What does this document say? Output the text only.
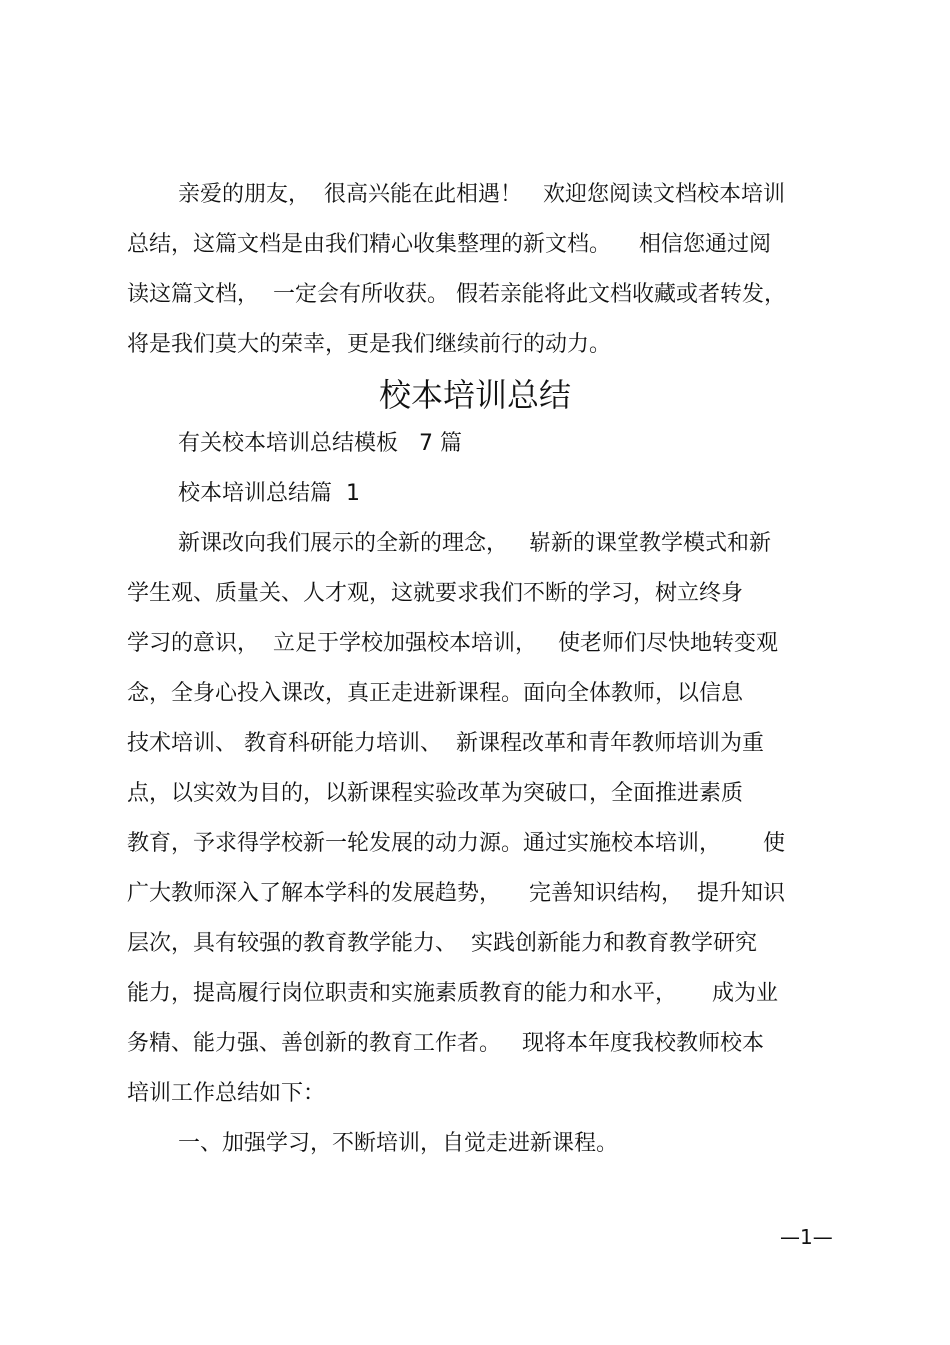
亲爱的朋友，  很高兴能在此相遇！   欢迎您阅读文档校本培训
总结，这篇文档是由我们精心收集整理的新文档。    相信您通过阅
读这篇文档，  一定会有所收获。 假若亲能将此文档收藏或者转发，
将是我们莫大的荣幸，更是我们继续前行的动力。
校本培训总结
有关校本培训总结模板   7 篇
校本培训总结篇  1
新课改向我们展示的全新的理念，   崭新的课堂教学模式和新
学生观、质量关、人才观，这就要求我们不断的学习，树立终身
学习的意识，  立足于学校加强校本培训，   使老师们尽快地转变观
念，全身心投入课改，真正走进新课程。面向全体教师，以信息
技术培训、 教育科研能力培训、  新课程改革和青年教师培训为重
点，以实效为目的，以新课程实验改革为突破口，全面推进素质
教育，予求得学校新一轮发展的动力源。通过实施校本培训，      使
广大教师深入了解本学科的发展趋势，    完善知识结构，  提升知识
层次，具有较强的教育教学能力、  实践创新能力和教育教学研究
能力，提高履行岗位职责和实施素质教育的能力和水平，     成为业
务精、能力强、善创新的教育工作者。   现将本年度我校教师校本
培训工作总结如下：
一、加强学习，不断培训，自觉走进新课程。
—1—
